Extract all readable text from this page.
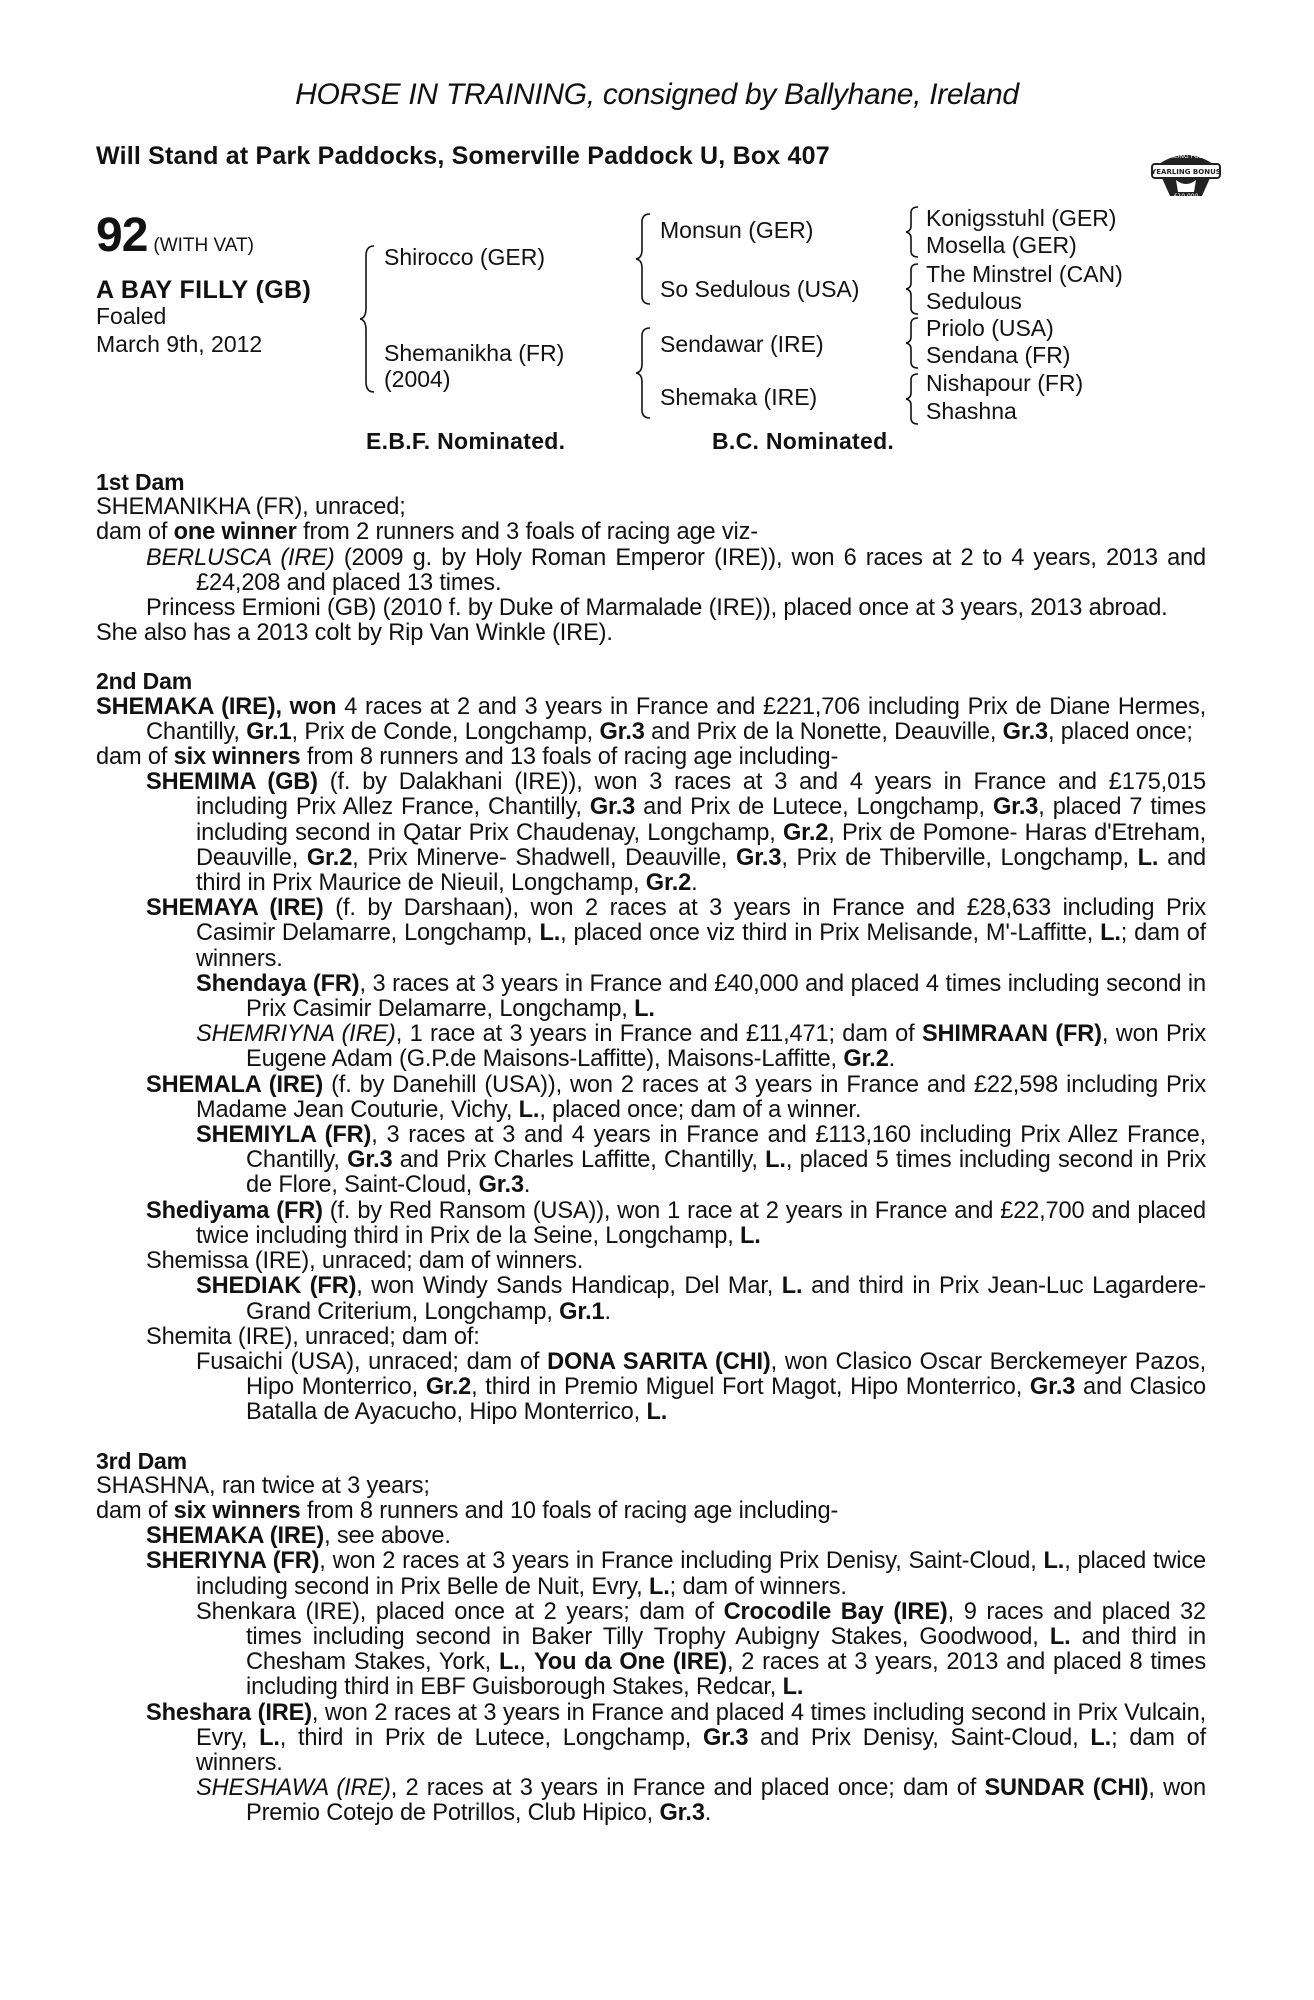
HORSE IN TRAINING, consigned by Ballyhane, Ireland
Will Stand at Park Paddocks, Somerville Paddock U, Box 407	RACING POST
YEARLING BONUS
£10,000
92 (WITH VAT)
A BAY FILLY (GB)
Foaled
March 9th, 2012
Shirocco (GER)
Shemanikha (FR)
(2004)
Monsun (GER)
So Sedulous (USA)
Sendawar (IRE)
Shemaka (IRE)
Konigsstuhl (GER)
Mosella (GER)
The Minstrel (CAN)
Sedulous
Priolo (USA)
Sendana (FR)
Nishapour (FR)
Shashna
E.B.F. Nominated.	B.C. Nominated.
1st Dam

SHEMANIKHA (FR), unraced;
dam of one winner from 2 runners and 3 foals of racing age viz-

BERLUSCA (IRE) (2009 g. by Holy Roman Emperor (IRE)), won 6 races at 2 to 4 years, 2013 and £24,208 and placed 13 times.

Princess Ermioni (GB) (2010 f. by Duke of Marmalade (IRE)), placed once at 3 years, 2013 abroad.

She also has a 2013 colt by Rip Van Winkle (IRE).

2nd Dam

SHEMAKA (IRE), won 4 races at 2 and 3 years in France and £221,706 including Prix de Diane Hermes, Chantilly, Gr.1, Prix de Conde, Longchamp, Gr.3 and Prix de la Nonette, Deauville, Gr.3, placed once;

dam of six winners from 8 runners and 13 foals of racing age including-

SHEMIMA (GB) (f. by Dalakhani (IRE)), won 3 races at 3 and 4 years in France and £175,015 including Prix Allez France, Chantilly, Gr.3 and Prix de Lutece, Longchamp, Gr.3, placed 7 times including second in Qatar Prix Chaudenay, Longchamp, Gr.2, Prix de Pomone- Haras d'Etreham, Deauville, Gr.2, Prix Minerve- Shadwell, Deauville, Gr.3, Prix de Thiberville, Longchamp, L. and third in Prix Maurice de Nieuil, Longchamp, Gr.2.

SHEMAYA (IRE) (f. by Darshaan), won 2 races at 3 years in France and £28,633 including Prix Casimir Delamarre, Longchamp, L., placed once viz third in Prix Melisande, M'-Laffitte, L.; dam of winners.

Shendaya (FR), 3 races at 3 years in France and £40,000 and placed 4 times including second in Prix Casimir Delamarre, Longchamp, L.

SHEMRIYNA (IRE), 1 race at 3 years in France and £11,471; dam of SHIMRAAN (FR), won Prix Eugene Adam (G.P.de Maisons-Laffitte), Maisons-Laffitte, Gr.2.

SHEMALA (IRE) (f. by Danehill (USA)), won 2 races at 3 years in France and £22,598 including Prix Madame Jean Couturie, Vichy, L., placed once; dam of a winner.

SHEMIYLA (FR), 3 races at 3 and 4 years in France and £113,160 including Prix Allez France, Chantilly, Gr.3 and Prix Charles Laffitte, Chantilly, L., placed 5 times including second in Prix de Flore, Saint-Cloud, Gr.3.

Shediyama (FR) (f. by Red Ransom (USA)), won 1 race at 2 years in France and £22,700 and placed twice including third in Prix de la Seine, Longchamp, L.

Shemissa (IRE), unraced; dam of winners.

SHEDIAK (FR), won Windy Sands Handicap, Del Mar, L. and third in Prix Jean-Luc Lagardere-Grand Criterium, Longchamp, Gr.1.

Shemita (IRE), unraced; dam of:

Fusaichi (USA), unraced; dam of DONA SARITA (CHI), won Clasico Oscar Berckemeyer Pazos, Hipo Monterrico, Gr.2, third in Premio Miguel Fort Magot, Hipo Monterrico, Gr.3 and Clasico Batalla de Ayacucho, Hipo Monterrico, L.

3rd Dam

SHASHNA, ran twice at 3 years;
dam of six winners from 8 runners and 10 foals of racing age including-

SHEMAKA (IRE), see above.

SHERIYNA (FR), won 2 races at 3 years in France including Prix Denisy, Saint-Cloud, L., placed twice including second in Prix Belle de Nuit, Evry, L.; dam of winners.

Shenkara (IRE), placed once at 2 years; dam of Crocodile Bay (IRE), 9 races and placed 32 times including second in Baker Tilly Trophy Aubigny Stakes, Goodwood, L. and third in Chesham Stakes, York, L., You da One (IRE), 2 races at 3 years, 2013 and placed 8 times including third in EBF Guisborough Stakes, Redcar, L.

Sheshara (IRE), won 2 races at 3 years in France and placed 4 times including second in Prix Vulcain, Evry, L., third in Prix de Lutece, Longchamp, Gr.3 and Prix Denisy, Saint-Cloud, L.; dam of winners.

SHESHAWA (IRE), 2 races at 3 years in France and placed once; dam of SUNDAR (CHI), won Premio Cotejo de Potrillos, Club Hipico, Gr.3.
